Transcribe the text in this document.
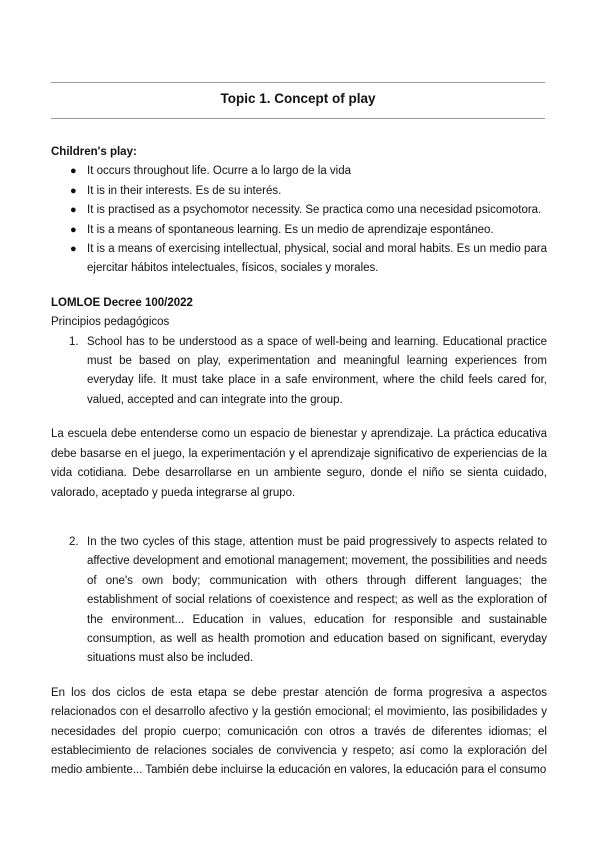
Topic 1. Concept of play

Children's play:

● It occurs throughout life. Ocurre a lo largo de la vida
● It is in their interests. Es de su interés.
● It is practised as a psychomotor necessity. Se practica como una necesidad psicomotora.
● It is a means of spontaneous learning. Es un medio de aprendizaje espontáneo.
● It is a means of exercising intellectual, physical, social and moral habits. Es un medio para ejercitar hábitos intelectuales, físicos, sociales y morales.

LOMLOE Decree 100/2022

Principios pedagógicos

1. School has to be understood as a space of well-being and learning. Educational practice must be based on play, experimentation and meaningful learning experiences from everyday life. It must take place in a safe environment, where the child feels cared for, valued, accepted and can integrate into the group.

La escuela debe entenderse como un espacio de bienestar y aprendizaje. La práctica educativa debe basarse en el juego, la experimentación y el aprendizaje significativo de experiencias de la vida cotidiana. Debe desarrollarse en un ambiente seguro, donde el niño se sienta cuidado, valorado, aceptado y pueda integrarse al grupo.

2. In the two cycles of this stage, attention must be paid progressively to aspects related to affective development and emotional management; movement, the possibilities and needs of one's own body; communication with others through different languages; the establishment of social relations of coexistence and respect; as well as the exploration of the environment... Education in values, education for responsible and sustainable consumption, as well as health promotion and education based on significant, everyday situations must also be included.

En los dos ciclos de esta etapa se debe prestar atención de forma progresiva a aspectos relacionados con el desarrollo afectivo y la gestión emocional; el movimiento, las posibilidades y necesidades del propio cuerpo; comunicación con otros a través de diferentes idiomas; el establecimiento de relaciones sociales de convivencia y respeto; así como la exploración del medio ambiente... También debe incluirse la educación en valores, la educación para el consumo
